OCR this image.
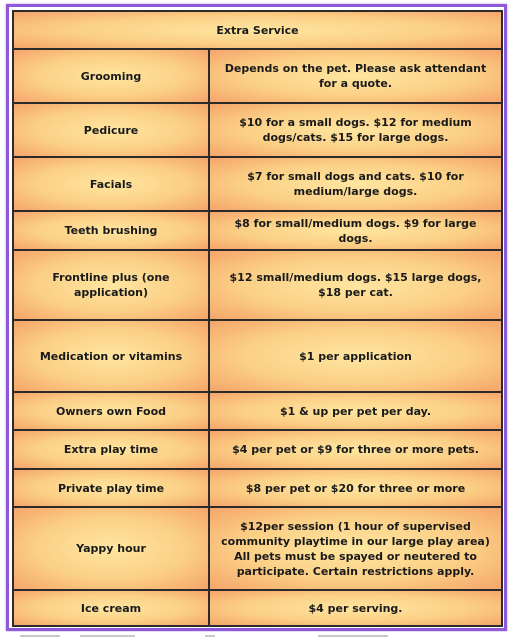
Extra Service	
Grooming	Depends on the pet. Please ask attendant for a quote.
Pedicure	$10 for a small dogs. $12 for medium dogs/cats. $15 for large dogs.
Facials	$7 for small dogs and cats. $10 for medium/large dogs.
Teeth brushing	$8 for small/medium dogs. $9 for large dogs.
Frontline plus (one application)	$12 small/medium dogs. $15 large dogs, $18 per cat.
Medication or vitamins	$1 per application
Owners own Food	$1 & up per pet per day.
Extra play time	$4 per pet or $9 for three or more pets.
Private play time	$8 per pet or $20 for three or more
Yappy hour	$12per session (1 hour of supervised community playtime in our large play area) All pets must be spayed or neutered to participate. Certain restrictions apply.
Ice cream	$4 per serving.
